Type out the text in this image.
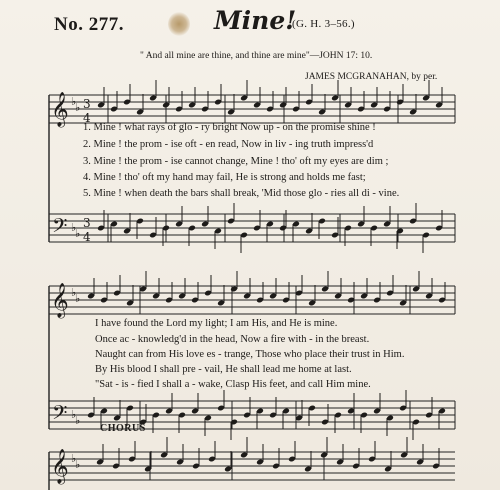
No. 277.	Mine!
(G. H. 3–56.)
" And all mine are thine, and thine are mine"—JOHN 17: 10.
JAMES MCGRANAHAN, by per.
𝄞
𝄢
♭
♭
♭
♭
3
4
3
4
𝄞
𝄢
♭
♭
♭
♭
𝄞 ♭
♭
1. Mine ! what rays of glo - ry bright Now up - on the promise shine !
2. Mine ! the prom - ise oft - en read, Now in liv - ing truth impress'd
3. Mine ! the prom - ise cannot change, Mine ! tho' oft my eyes are dim ;
4. Mine ! tho' oft my hand may fail, He is strong and holds me fast;
5. Mine ! when death the bars shall break, 'Mid those glo - ries all di - vine.
I have found the Lord my light; I am His, and He is mine.
Once ac - knowledg'd in the head, Now a fire with - in the breast.
Naught can from His love es - trange, Those who place their trust in Him.
By His blood I shall pre - vail, He shall lead me home at last.
"Sat - is - fied I shall a - wake, Clasp His feet, and call Him mine.
CHORUS
